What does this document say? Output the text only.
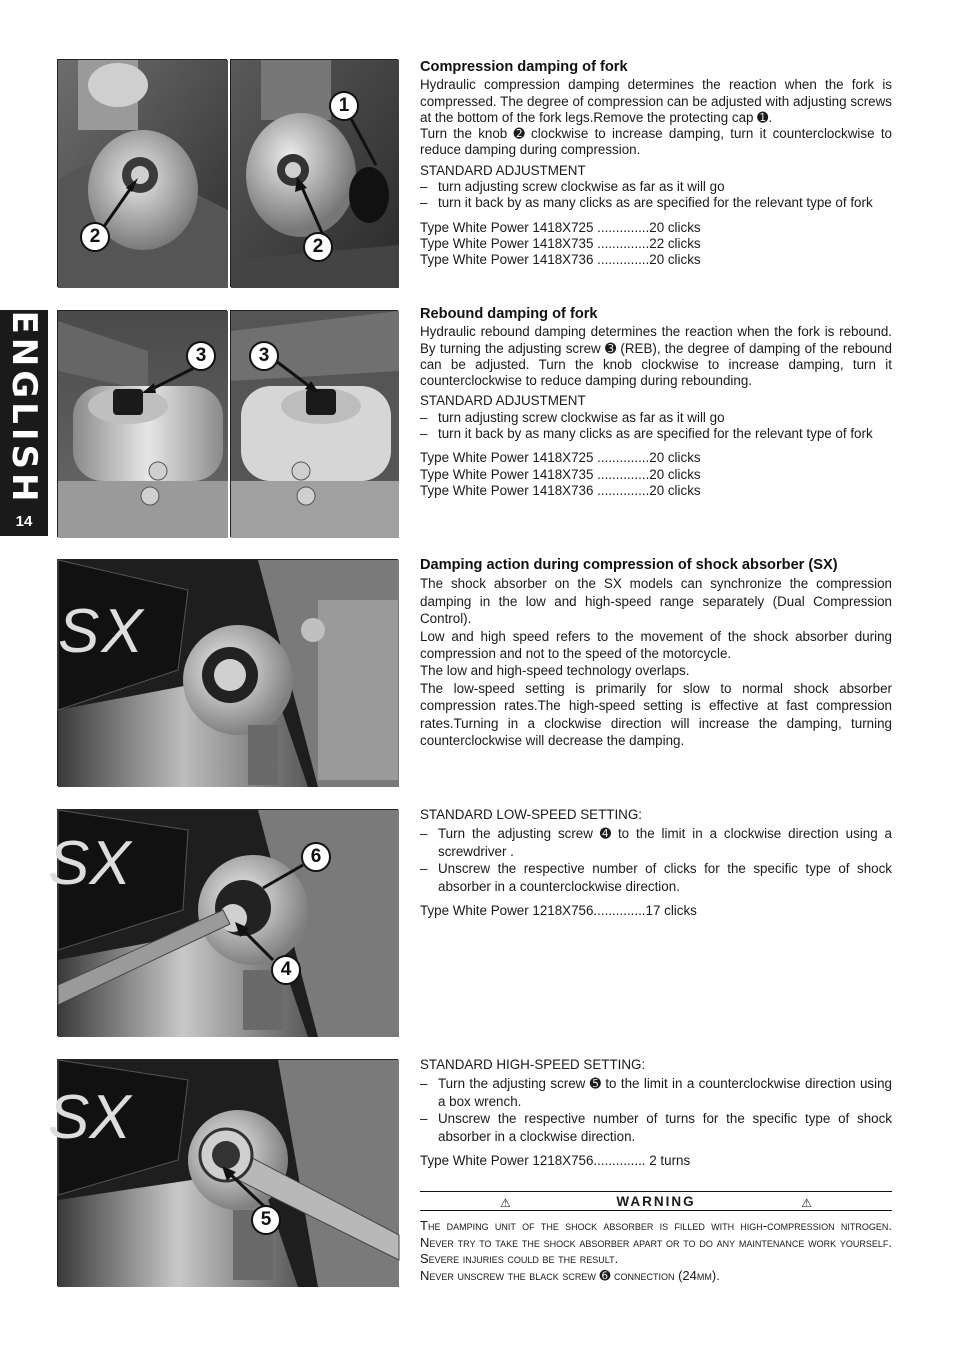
ENGLISH
14
2
1
2
Compression damping of fork

Hydraulic compression damping determines the reaction when the fork is compressed. The degree of compression can be adjusted with adjusting screws at the bottom of the fork legs.Remove the protecting cap ➊.

Turn the knob ➋ clockwise to increase damping, turn it counterclockwise to reduce damping during compression.

STANDARD ADJUSTMENT

– turn adjusting screw clockwise as far as it will go
– turn it back by as many clicks as are specified for the relevant type of fork
Type White Power 1418X725 ..............20 clicks
Type White Power 1418X735 ..............22 clicks
Type White Power 1418X736 ..............20 clicks
3	3
Rebound damping of fork

Hydraulic rebound damping determines the reaction when the fork is rebound. By turning the adjusting screw ➌ (REB), the degree of damping of the rebound can be adjusted. Turn the knob clockwise to increase damping, turn it counterclockwise to reduce damping during rebounding.

STANDARD ADJUSTMENT

– turn adjusting screw clockwise as far as it will go
– turn it back by as many clicks as are specified for the relevant type of fork
Type White Power 1418X725 ..............20 clicks
Type White Power 1418X735 ..............20 clicks
Type White Power 1418X736 ..............20 clicks
SX
Damping action during compression of shock absorber (SX)

The shock absorber on the SX models can synchronize the compression damping in the low and high-speed range separately (Dual Compression Control).

Low and high speed refers to the movement of the shock absorber during compression and not to the speed of the motorcycle.

The low and high-speed technology overlaps.

The low-speed setting is primarily for slow to normal shock absorber compression rates.The high-speed setting is effective at fast compression rates.Turning in a clockwise direction will increase the damping, turning counterclockwise will decrease the damping.

SX	6
4

STANDARD LOW-SPEED SETTING:

– Turn the adjusting screw ➍ to the limit in a clockwise direction using a screwdriver .
– Unscrew the respective number of clicks for the specific type of shock absorber in a counterclockwise direction.
Type White Power 1218X756..............17 clicks
SX
5

STANDARD HIGH-SPEED SETTING:

– Turn the adjusting screw ➎ to the limit in a counterclockwise direction using a box wrench.
– Unscrew the respective number of turns for the specific type of shock absorber in a clockwise direction.
Type White Power 1218X756.............. 2 turns
⚠	WARNING	⚠

The damping unit of the shock absorber is filled with high-compression nitrogen. Never try to take the shock absorber apart or to do any maintenance work yourself. Severe injuries could be the result.

Never unscrew the black screw ➏ connection (24mm).
